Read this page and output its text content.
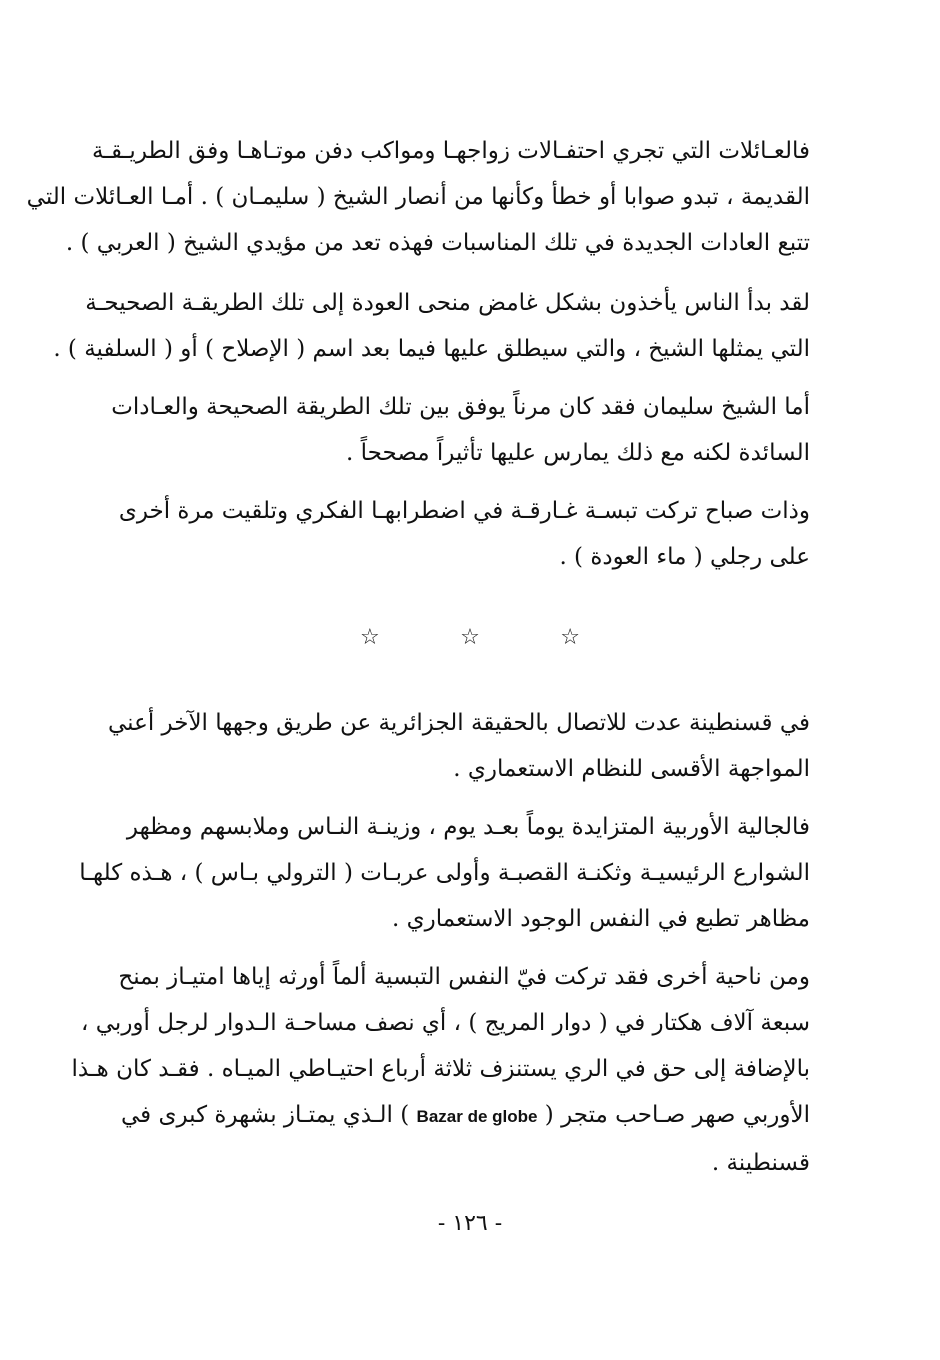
فالعـائلات التي تجري احتفـالات زواجهـا ومواكب دفن موتـاهـا وفق الطريـقـة
القديمة ، تبدو صوابا أو خطأ وكأنها من أنصار الشيخ ( سليمـان ) . أمـا العـائلات التي
تتبع العادات الجديدة في تلك المناسبات فهذه تعد من مؤيدي الشيخ ( العربي ) .
لقد بدأ الناس يأخذون بشكل غامض منحى العودة إلى تلك الطريقـة الصحيحـة
التي يمثلها الشيخ ، والتي سيطلق عليها فيما بعد اسم ( الإصلاح ) أو ( السلفية ) .
أما الشيخ سليمان فقد كان مرناً يوفق بين تلك الطريقة الصحيحة والعـادات
السائدة لكنه مع ذلك يمارس عليها تأثيراً مصححاً .
وذات صباح تركت تبسـة غـارقـة في اضطرابهـا الفكري وتلقيت مرة أخرى
على رجلي ( ماء العودة ) .
☆	☆	☆
في قسنطينة عدت للاتصال بالحقيقة الجزائرية عن طريق وجهها الآخر أعني
المواجهة الأقسى للنظام الاستعماري .
فالجالية الأوربية المتزايدة يوماً بعـد يوم ، وزينـة النـاس وملابسهم ومظهر
الشوارع الرئيسيـة وثكنـة القصبـة وأولى عربـات ( الترولي بـاس ) ، هـذه كلهـا
مظاهر تطبع في النفس الوجود الاستعماري .
ومن ناحية أخرى فقد تركت فيّ النفس التبسية ألماً أورثه إياها امتيـاز بمنح
سبعة آلاف هكتار في ( دوار المريج ) ، أي نصف مساحـة الـدوار لرجل أوربي ،
بالإضافة إلى حق في الري يستنزف ثلاثة أرباع احتيـاطي الميـاه . فقـد كان هـذا
الأوربي صهر صـاحب متجر ( Bazar de globe ) الـذي يمتـاز بشهرة كبرى في
قسنطينة .
- ١٢٦ -
